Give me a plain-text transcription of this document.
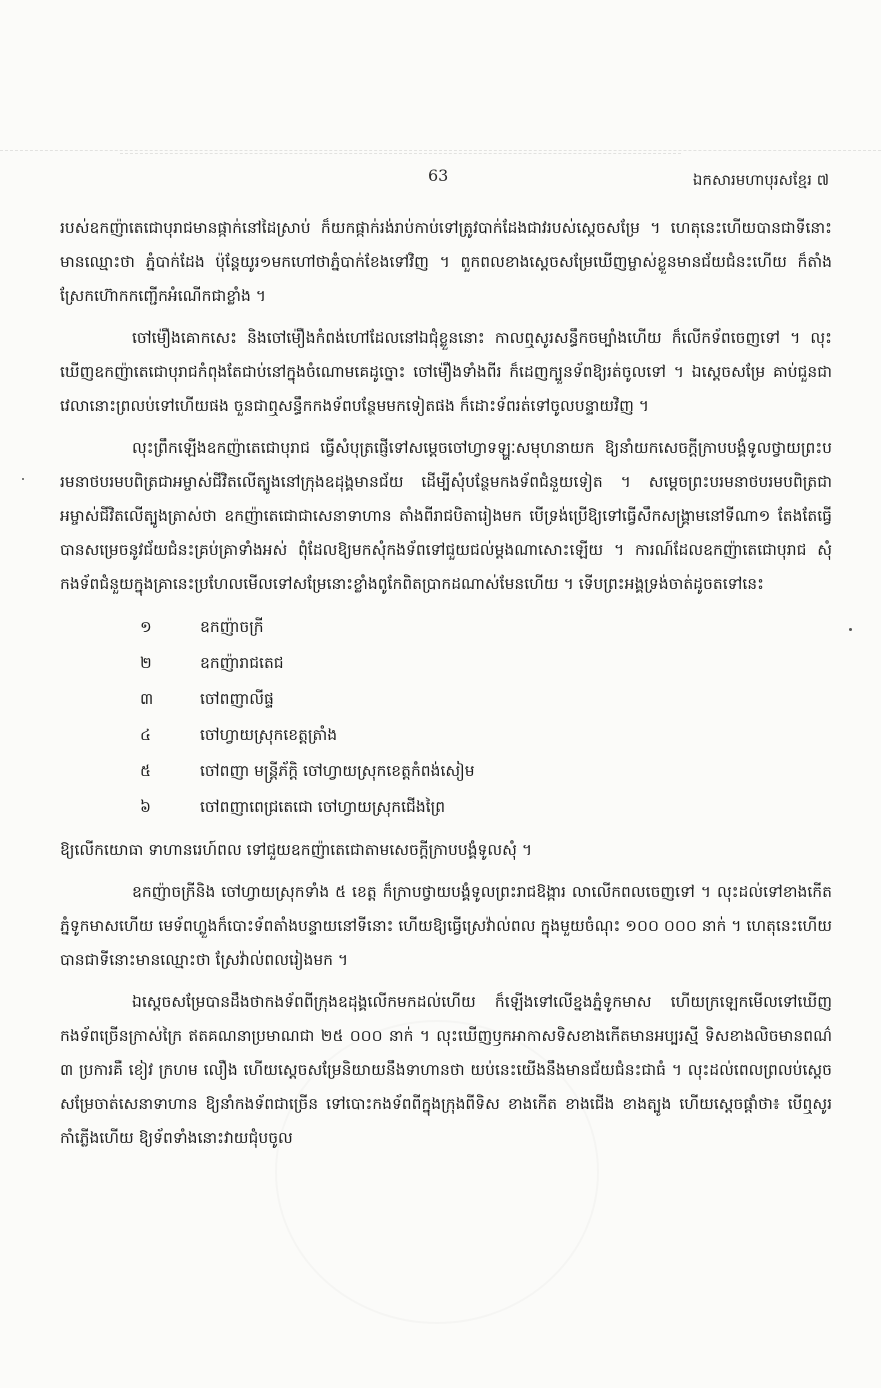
63	ឯកសារមហាបុរសខ្មែរ ៧

របស់ឧកញ៉ាតេជោបុរាជមានផ្កាក់នៅដៃស្រាប់ ក៏យកផ្កាក់រង់រាប់កាប់ទៅត្រូវបាក់ដែងជាវរបស់ស្តេចសម្រែ ។ ហេតុនេះហើយបានជាទីនោះមានឈ្មោះថា ភ្នំបាក់ដែង ប៉ុន្តែយូរ១មកហៅថាភ្នំបាក់ខែងទៅវិញ ។ ពួកពលខាងស្តេចសម្រែឃើញម្ចាស់ខ្លួនមានជ័យជំនះហើយ ក៏តាំងស្រែកហ៊ោកកញ្ជើកអំណើកជាខ្លាំង ។

ចៅម៉ឿងគោកសេះ និងចៅម៉ឿងកំពង់ហៅដែលនៅឯជុំខ្លួននោះ កាលឮសូរសន្ធឹកចម្បាំងហើយ ក៏លើកទ័ពចេញទៅ ។ លុះឃើញឧកញ៉ាតេជោបុរាជកំពុងតែជាប់នៅក្នុងចំណោមគេដូច្នោះ ចៅម៉ឿងទាំងពីរ ក៏ដេញក្បួនទ័ពឱ្យរត់ចូលទៅ ។ ឯស្តេចសម្រែ គាប់ជួនជាវេលានោះព្រលប់ទៅហើយផង ចួនជាឮសន្ធឹកកងទ័ពបន្ថែមមកទៀតផង ក៏ដោះទ័ពរត់ទៅចូលបន្ទាយវិញ ។

លុះព្រឹកឡើងឧកញ៉ាតេជោបុរាជ ធ្វើសំបុត្រផ្ញើទៅសម្តេចចៅហ្វាទឡ្ហៈសមុហនាយក ឱ្យនាំយកសេចក្តីក្រាបបង្គំទូលថ្វាយព្រះបរមនាថបរមបពិត្រជាអម្ចាស់ជីវិតលើត្បូងនៅក្រុងឧដុង្គមានជ័យ ដើម្បីសុំបន្ថែមកងទ័ពជំនួយទៀត ។ សម្តេចព្រះបរមនាថបរមបពិត្រជាអម្ចាស់ជីវិតលើត្បូងត្រាស់ថា ឧកញ៉ាតេជោជាសេនាទាហាន តាំងពីរាជបិតារៀងមក បើទ្រង់ប្រើឱ្យទៅធ្វើសឹកសង្គ្រាមនៅទីណា១ តែងតែធ្វើបានសម្រេចនូវជ័យជំនះគ្រប់គ្រាទាំងអស់ ពុំដែលឱ្យមកសុំកងទ័ពទៅជួយជល់ម្តងណាសោះឡើយ ។ ការណ៍ដែលឧកញ៉ាតេជោបុរាជ សុំកងទ័ពជំនួយក្នុងគ្រានេះប្រហែលមើលទៅសម្រែនោះខ្លាំងពូកែពិតប្រាកដណាស់មែនហើយ ។ ទើបព្រះអង្គទ្រង់ចាត់ដូចតទៅនេះ

១	ឧកញ៉ាចក្រី
២	ឧកញ៉ារាជតេជ
៣	ចៅពញាលីផ្ទ
៤	ចៅហ្វាយស្រុកខេត្តត្រាំង
៥	ចៅពញា មន្ត្រីភ័ក្តិ ចៅហ្វាយស្រុកខេត្តកំពង់សៀម
៦	ចៅពញាពេជ្រតេជោ ចៅហ្វាយស្រុកជើងព្រៃ

ឱ្យលើកយោធា ទាហានរេហ៍ពល ទៅជួយឧកញ៉ាតេជោតាមសេចក្តីក្រាបបង្គំទូលសុំ ។

ឧកញ៉ាចក្រីនិង ចៅហ្វាយស្រុកទាំង ៥ ខេត្ត ក៏ក្រាបថ្វាយបង្គំទូលព្រះរាជឱង្ការ លាលើកពលចេញទៅ ។ លុះដល់ទៅខាងកើតភ្នំទូកមាសហើយ មេទ័ពហ្លួងក៏បោះទ័ពតាំងបន្ទាយនៅទីនោះ ហើយឱ្យធ្វើស្រេវ៉ាល់ពល ក្នុងមួយចំណុះ ១០០ ០០០ នាក់ ។ ហេតុនេះហើយបានជាទីនោះមានឈ្មោះថា ស្រែវ៉ាល់ពលរៀងមក ។

ឯស្តេចសម្រែបានដឹងថាកងទ័ពពីក្រុងឧដុង្គលើកមកដល់ហើយ ក៏ឡើងទៅលើខ្នងភ្នំទូកមាស ហើយក្រឡេកមើលទៅឃើញកងទ័ពច្រើនក្រាស់ក្រៃ ឥតគណនាប្រមាណជា ២៥ ០០០ នាក់ ។ លុះឃើញឫកអាកាសទិសខាងកើតមានអប្បរស្មី ទិសខាងលិចមានពណ៌ ៣ ប្រការគឺ ខៀវ ក្រហម លឿង ហើយស្តេចសម្រែនិយាយនឹងទាហានថា យប់នេះយើងនឹងមានជ័យជំនះជាធំ ។ លុះដល់ពេលព្រលប់ស្តេចសម្រែចាត់សេនាទាហាន ឱ្យនាំកងទ័ពជាច្រើន ទៅបោះកងទ័ពពីក្នុងក្រុងពីទិស ខាងកើត ខាងជើង ខាងត្បូង ហើយស្តេចផ្តាំថា៖ បើឮសូរកាំភ្លើងហើយ ឱ្យទ័ពទាំងនោះវាយជុំបចូល
